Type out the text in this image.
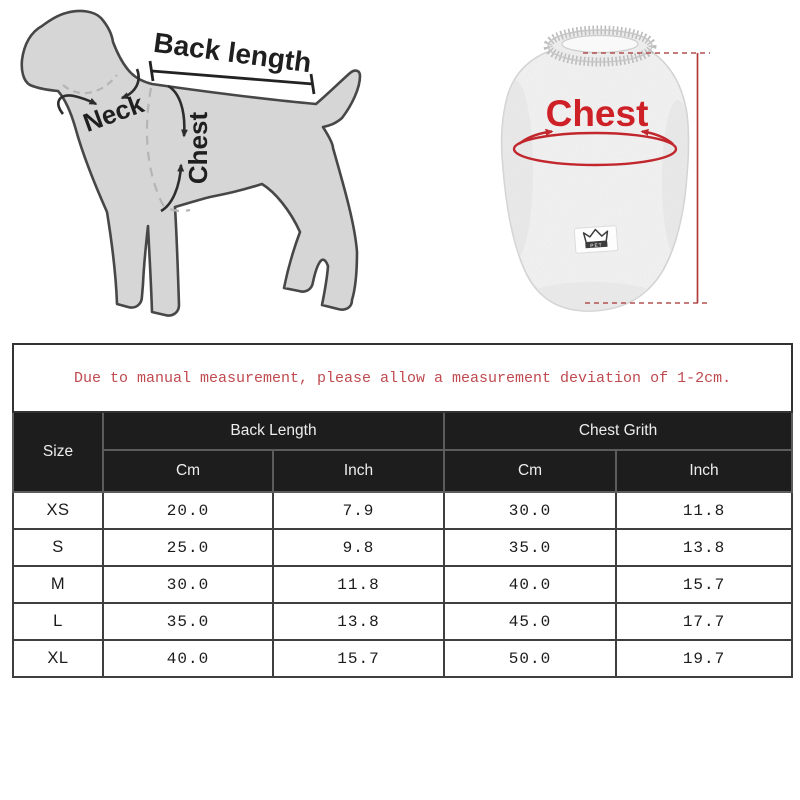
Back length
Neck Chest
PET
Chest
Due to manual measurement, please allow a measurement deviation of 1-2cm.				
Size	Back Length		Chest Grith	
	Cm	Inch	Cm	Inch
XS	20.0	7.9	30.0	11.8
S	25.0	9.8	35.0	13.8
M	30.0	11.8	40.0	15.7
L	35.0	13.8	45.0	17.7
XL	40.0	15.7	50.0	19.7
